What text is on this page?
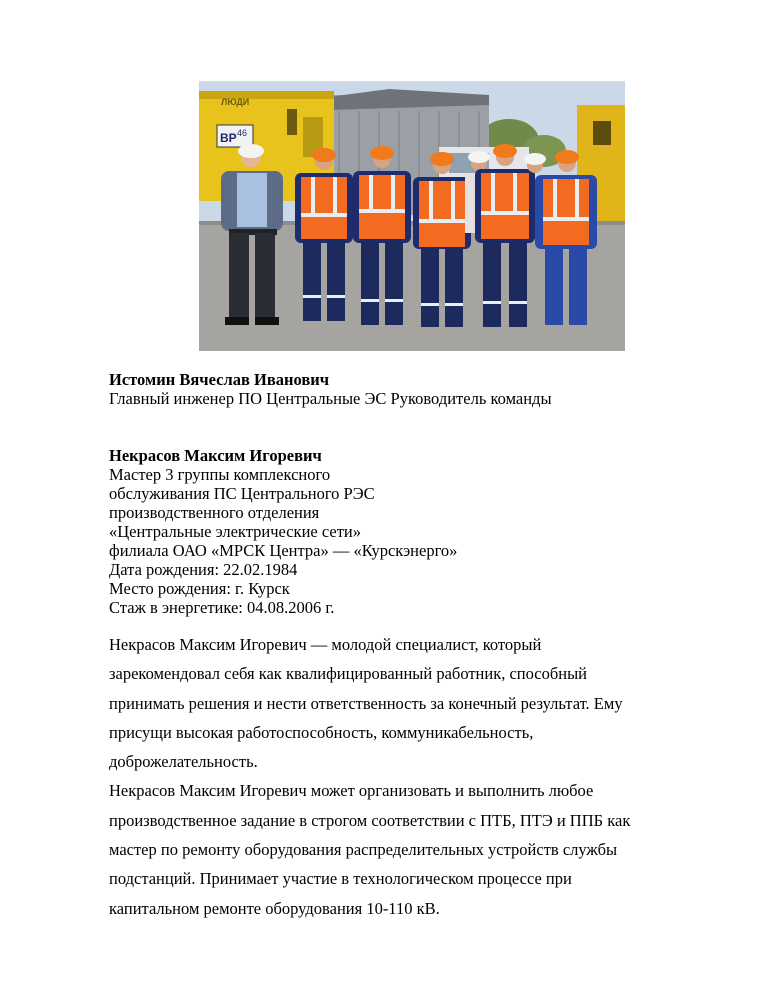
ВР 46
ЛЮДИ
Истомин Вячеслав Иванович
Главный инженер ПО Центральные ЭС Руководитель команды
Некрасов Максим Игоревич
Мастер 3 группы комплексного
обслуживания ПС Центрального РЭС
производственного отделения
«Центральные электрические сети»
филиала ОАО «МРСК Центра» — «Курскэнерго»
Дата рождения: 22.02.1984
Место рождения: г. Курск
Стаж в энергетике: 04.08.2006 г.
Некрасов Максим Игоревич — молодой специалист, который
зарекомендовал себя как квалифицированный работник, способный
принимать решения и нести ответственность за конечный результат. Ему
присущи высокая работоспособность, коммуникабельность,
доброжелательность.
Некрасов Максим Игоревич может организовать и выполнить любое
производственное задание в строгом соответствии с ПТБ, ПТЭ и ППБ как
мастер по ремонту оборудования распределительных устройств службы
подстанций. Принимает участие в технологическом процессе при
капитальном ремонте оборудования 10-110 кВ.
